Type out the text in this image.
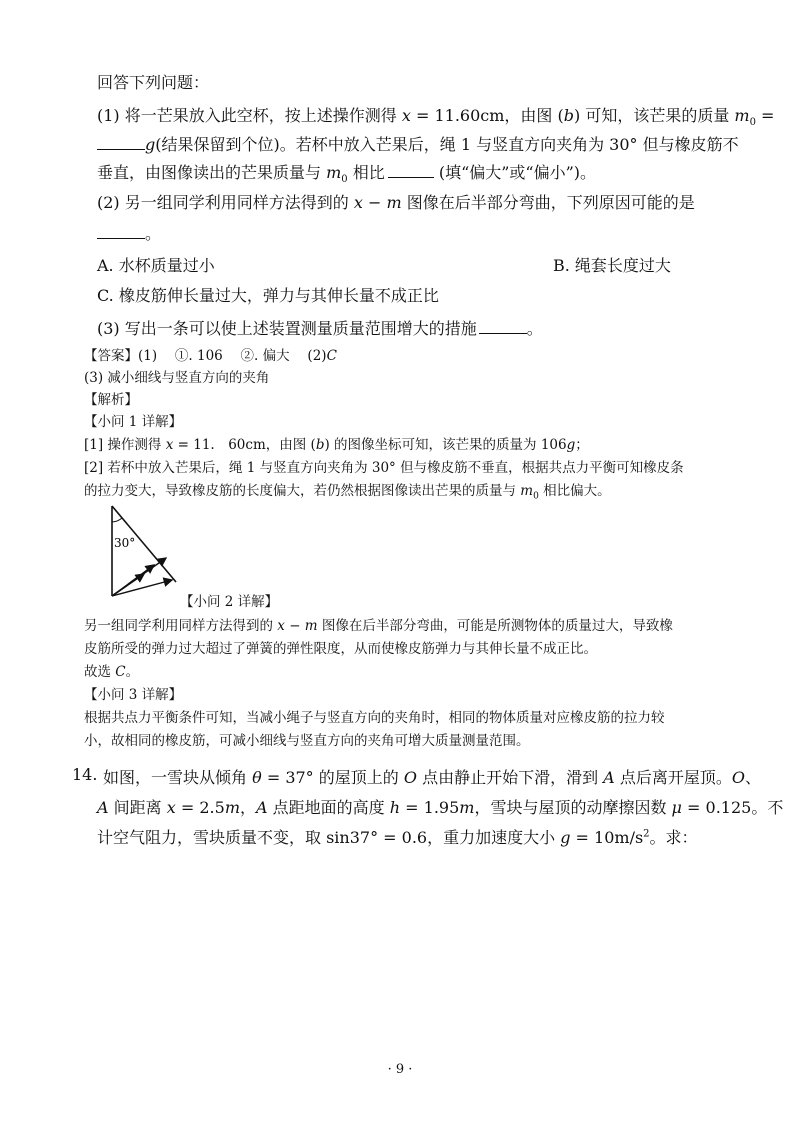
回答下列问题：
(1) 将一芒果放入此空杯，按上述操作测得 x = 11.60cm，由图 (b) 可知，该芒果的质量 $m_0$ =
g(结果保留到个位)。若杯中放入芒果后，绳 1 与竖直方向夹角为 30° 但与橡皮筋不
垂直，由图像读出的芒果质量与 $m_0$ 相比	(填“偏大”或“偏小”)。
(2) 另一组同学利用同样方法得到的 x − m 图像在后半部分弯曲，下列原因可能的是
。
A. 水杯质量过小	B. 绳套长度过大
C. 橡皮筋伸长量过大，弹力与其伸长量不成正比
(3) 写出一条可以使上述装置测量质量范围增大的措施	。
【答案】(1)　 ①. 106　 ②. 偏大　 (2)C
(3) 减小细线与竖直方向的夹角
【解析】
【小问 1 详解】
[1] 操作测得 x = 11.　60cm，由图 (b) 的图像坐标可知，该芒果的质量为 106g；
[2] 若杯中放入芒果后，绳 1 与竖直方向夹角为 30° 但与橡皮筋不垂直，根据共点力平衡可知橡皮条
的拉力变大，导致橡皮筋的长度偏大，若仍然根据图像读出芒果的质量与 $m_0$ 相比偏大。
30°
【小问 2 详解】
另一组同学利用同样方法得到的 x − m 图像在后半部分弯曲，可能是所测物体的质量过大，导致橡
皮筋所受的弹力过大超过了弹簧的弹性限度，从而使橡皮筋弹力与其伸长量不成正比。
故选 C。
【小问 3 详解】
根据共点力平衡条件可知，当减小绳子与竖直方向的夹角时，相同的物体质量对应橡皮筋的拉力较
小，故相同的橡皮筋，可减小细线与竖直方向的夹角可增大质量测量范围。
14. 如图，一雪块从倾角 θ = 37° 的屋顶上的 O 点由静止开始下滑，滑到 A 点后离开屋顶。O、
A 间距离 x = 2.5m，A 点距地面的高度 h = 1.95m，雪块与屋顶的动摩擦因数 μ = 0.125。不
计空气阻力，雪块质量不变，取 sin37° = 0.6，重力加速度大小 $g = 10m/s^2$。求：
· 9 ·
